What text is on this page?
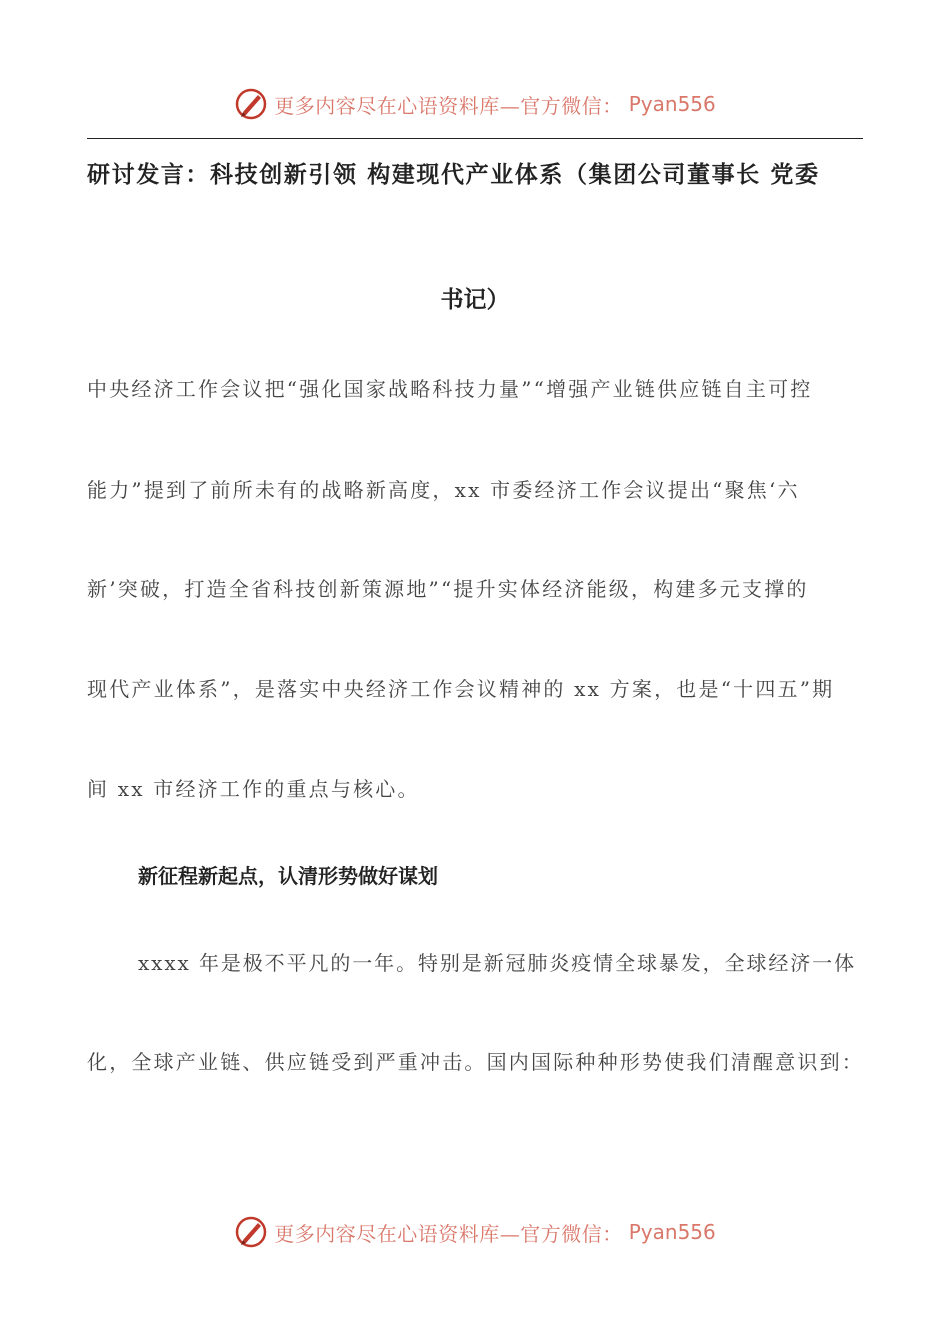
更多内容尽在心语资料库—官方微信： Pyan556
研讨发言：科技创新引领 构建现代产业体系（集团公司董事长 党委
书记）
中央经济工作会议把“强化国家战略科技力量”“增强产业链供应链自主可控
能力”提到了前所未有的战略新高度，xx 市委经济工作会议提出“聚焦‘六
新’突破，打造全省科技创新策源地”“提升实体经济能级，构建多元支撑的
现代产业体系”，是落实中央经济工作会议精神的 xx 方案，也是“十四五”期
间 xx 市经济工作的重点与核心。
新征程新起点，认清形势做好谋划
xxxx 年是极不平凡的一年。特别是新冠肺炎疫情全球暴发，全球经济一体
化，全球产业链、供应链受到严重冲击。国内国际种种形势使我们清醒意识到：
更多内容尽在心语资料库—官方微信： Pyan556
